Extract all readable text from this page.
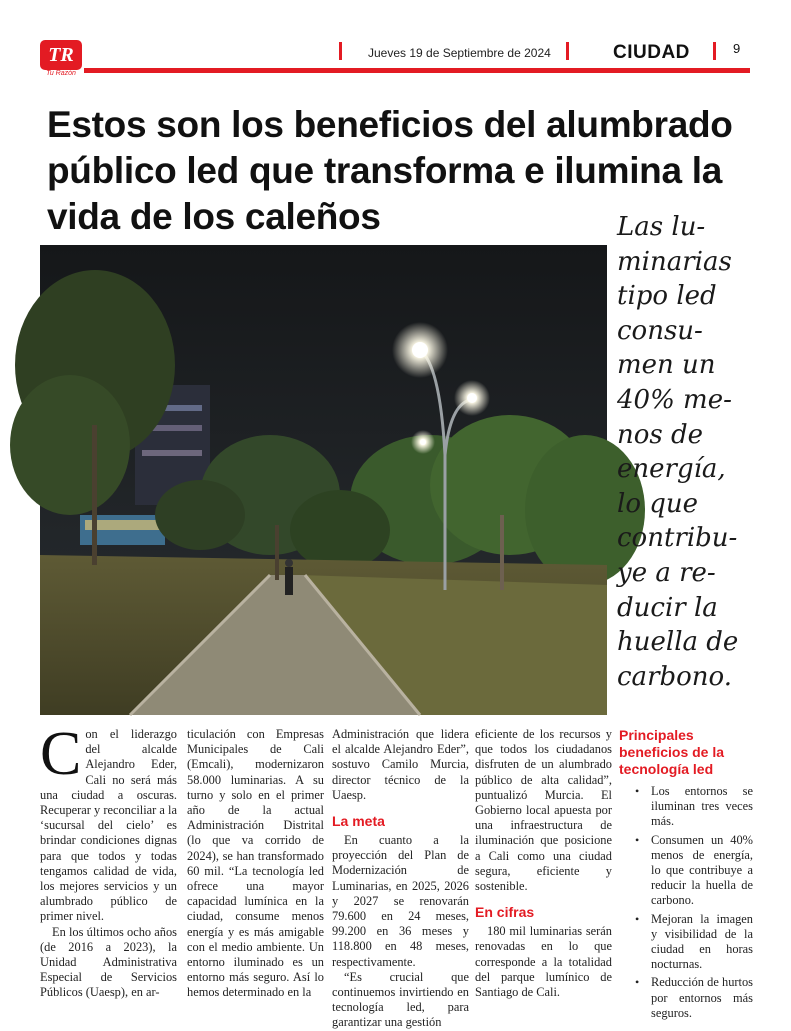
TR
Tu Razón
Jueves 19 de Septiembre de 2024	CIUDAD	9
Estos son los beneficios del alumbrado público led que transforma e ilumina la vida de los caleños	Las lu-
minarias
tipo led
consu-
men un
40% me-
nos de
energía,
lo que
contribu-
ye a re-
ducir la
huella de
carbono.

Con el liderazgo del alcalde Alejandro Eder, Cali no será más una ciudad a oscuras. Recuperar y reconciliar a la ‘sucursal del cielo’ es brindar condiciones dignas para que todos y todas tengamos calidad de vida, los mejores servicios y un alumbrado público de primer nivel.

En los últimos ocho años (de 2016 a 2023), la Unidad Administrativa Especial de Servicios Públicos (Uaesp), en ar-

ticulación con Empresas Municipales de Cali (Emcali), modernizaron 58.000 luminarias. A su turno y solo en el primer año de la actual Administración Distrital (lo que va corrido de 2024), se han transformado 60 mil. “La tecnología led ofrece una mayor capacidad lumínica en la ciudad, consume menos energía y es más amigable con el medio ambiente. Un entorno iluminado es un entorno más seguro. Así lo hemos determinado en la

Administración que lidera el alcalde Alejandro Eder”, sostuvo Camilo Murcia, director técnico de la Uaesp.

La meta

En cuanto a la proyección del Plan de Modernización de Luminarias, en 2025, 2026 y 2027 se renovarán 79.600 en 24 meses, 99.200 en 36 meses y 118.800 en 48 meses, respectivamente.

“Es crucial que continuemos invirtiendo en tecnología led, para garantizar una gestión

eficiente de los recursos y que todos los ciudadanos disfruten de un alumbrado público de alta calidad”, puntualizó Murcia. El Gobierno local apuesta por una infraestructura de iluminación que posicione a Cali como una ciudad segura, eficiente y sostenible.

En cifras

180 mil luminarias serán renovadas en lo que corresponde a la totalidad del parque lumínico de Santiago de Cali.

Principales beneficios de la tecnología led
• Los entornos se iluminan tres veces más.
• Consumen un 40% menos de energía, lo que contribuye a reducir la huella de carbono.
• Mejoran la imagen y visibilidad de la ciudad en horas nocturnas.
• Reducción de hurtos por entornos más seguros.
